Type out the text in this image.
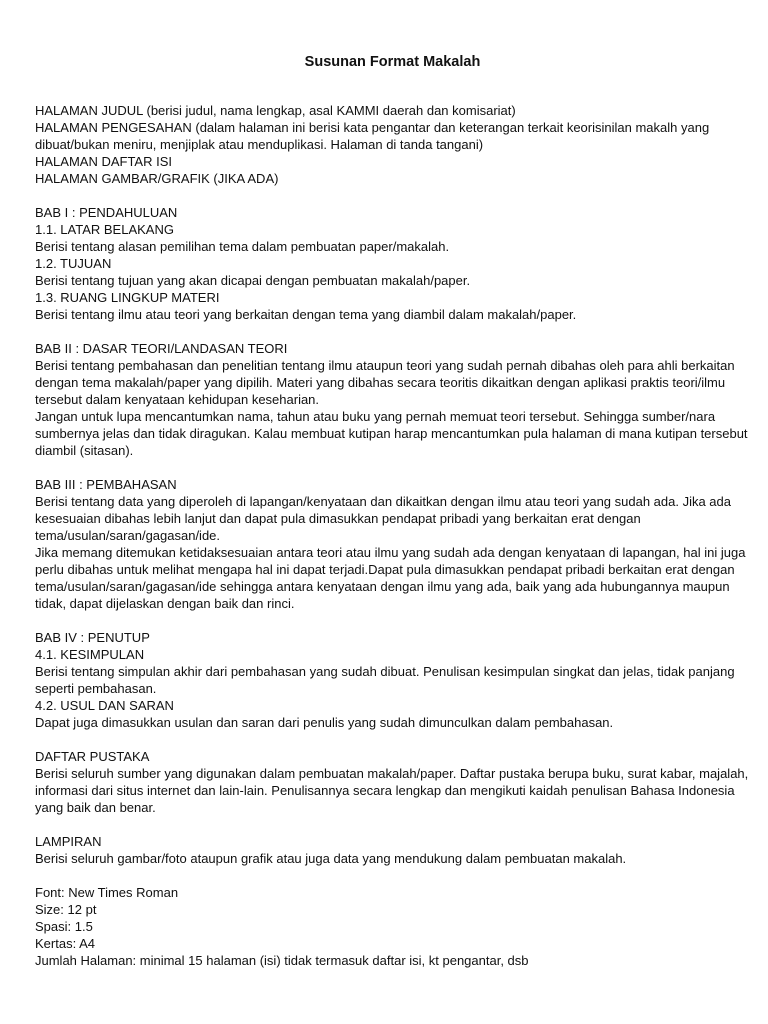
Susunan Format Makalah
HALAMAN JUDUL (berisi judul, nama lengkap, asal KAMMI daerah dan komisariat)
HALAMAN PENGESAHAN (dalam halaman ini berisi kata pengantar dan keterangan terkait keorisinilan makalh yang
dibuat/bukan meniru, menjiplak atau menduplikasi. Halaman di tanda tangani)
HALAMAN DAFTAR ISI
HALAMAN GAMBAR/GRAFIK (JIKA ADA)
BAB I : PENDAHULUAN
1.1. LATAR BELAKANG
Berisi tentang alasan pemilihan tema dalam pembuatan paper/makalah.
1.2. TUJUAN
Berisi tentang tujuan yang akan dicapai dengan pembuatan makalah/paper.
1.3. RUANG LINGKUP MATERI
Berisi tentang ilmu atau teori yang berkaitan dengan tema yang diambil dalam makalah/paper.
BAB II : DASAR TEORI/LANDASAN TEORI
Berisi tentang pembahasan dan penelitian tentang ilmu ataupun teori yang sudah pernah dibahas oleh para ahli berkaitan
dengan tema makalah/paper yang dipilih. Materi yang dibahas secara teoritis dikaitkan dengan aplikasi praktis teori/ilmu
tersebut dalam kenyataan kehidupan keseharian.
Jangan untuk lupa mencantumkan nama, tahun atau buku yang pernah memuat teori tersebut. Sehingga sumber/nara
sumbernya jelas dan tidak diragukan. Kalau membuat kutipan harap mencantumkan pula halaman di mana kutipan tersebut
diambil (sitasan).
BAB III : PEMBAHASAN
Berisi tentang data yang diperoleh di lapangan/kenyataan dan dikaitkan dengan ilmu atau teori yang sudah ada. Jika ada
kesesuaian dibahas lebih lanjut dan dapat pula dimasukkan pendapat pribadi yang berkaitan erat dengan
tema/usulan/saran/gagasan/ide.
Jika memang ditemukan ketidaksesuaian antara teori atau ilmu yang sudah ada dengan kenyataan di lapangan, hal ini juga
perlu dibahas untuk melihat mengapa hal ini dapat terjadi.Dapat pula dimasukkan pendapat pribadi berkaitan erat dengan
tema/usulan/saran/gagasan/ide sehingga antara kenyataan dengan ilmu yang ada, baik yang ada hubungannya maupun
tidak, dapat dijelaskan dengan baik dan rinci.
BAB IV : PENUTUP
4.1. KESIMPULAN
Berisi tentang simpulan akhir dari pembahasan yang sudah dibuat. Penulisan kesimpulan singkat dan jelas, tidak panjang
seperti pembahasan.
4.2. USUL DAN SARAN
Dapat juga dimasukkan usulan dan saran dari penulis yang sudah dimunculkan dalam pembahasan.
DAFTAR PUSTAKA
Berisi seluruh sumber yang digunakan dalam pembuatan makalah/paper. Daftar pustaka berupa buku, surat kabar, majalah,
informasi dari situs internet dan lain-lain. Penulisannya secara lengkap dan mengikuti kaidah penulisan Bahasa Indonesia
yang baik dan benar.
LAMPIRAN
Berisi seluruh gambar/foto ataupun grafik atau juga data yang mendukung dalam pembuatan makalah.
Font: New Times Roman
Size: 12 pt
Spasi: 1.5
Kertas: A4
Jumlah Halaman: minimal 15 halaman (isi) tidak termasuk daftar isi, kt pengantar, dsb
